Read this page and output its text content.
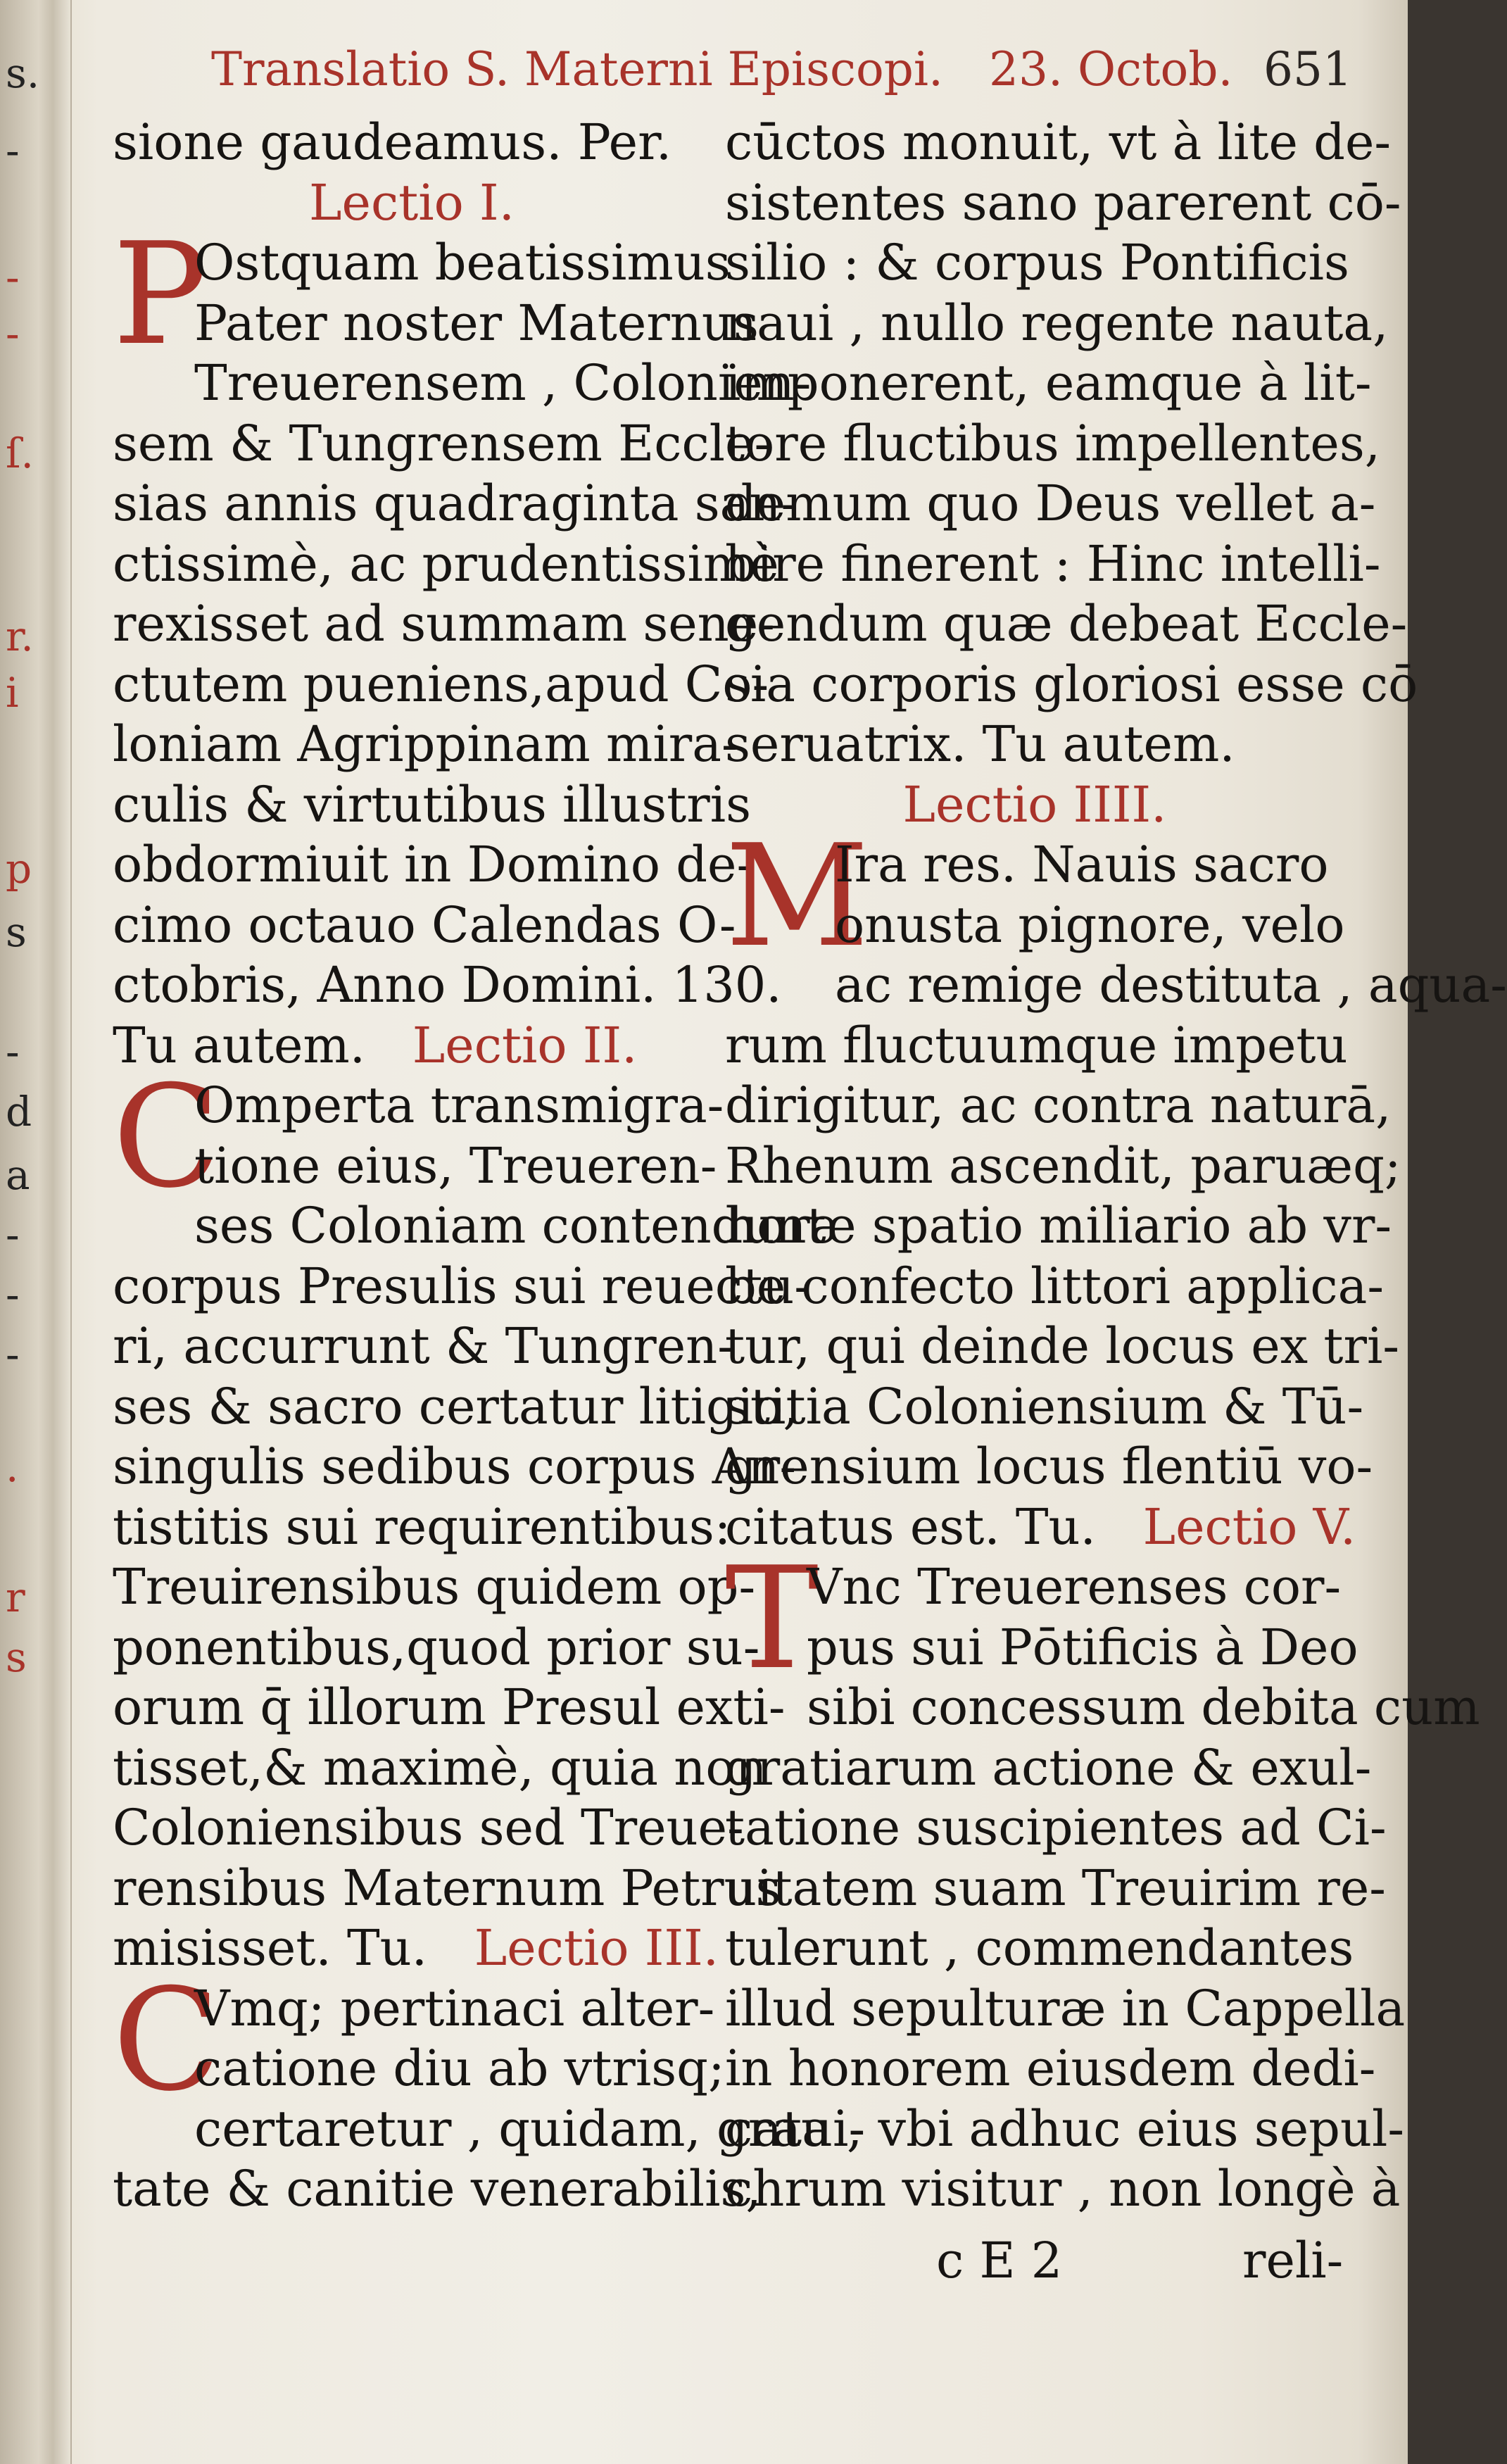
s.
-
-
-
ſ.
r.
i
p
s
-
d
a
-
-
-
.
r
s
Translatio S. Materni Episcopi. 23. Octob. 651
sione gaudeamus. Per.
Lectio I.
P
Ostquam beatissimus
Pater noster Maternus
Treuerensem , Colonien-
sem & Tungrensem Eccle-
sias annis quadraginta san-
ctissimè, ac prudentissimè
rexisset ad summam sene-
ctutem pueniens,apud Co-
loniam Agrippinam mira-
culis & virtutibus illustris
obdormiuit in Domino de-
cimo octauo Calendas O-
ctobris, Anno Domini. 130.
Tu autem. Lectio II.
C
Omperta transmigra-
tione eius, Treueren-
ses Coloniam contendunt
corpus Presulis sui reuectu-
ri, accurrunt & Tungren-
ses & sacro certatur litigio,
singulis sedibus corpus An-
tistitis sui requirentibus:
Treuirensibus quidem op-
ponentibus,quod prior su-
orum q̄ illorum Presul exti-
tisset,& maximè, quia non
Coloniensibus sed Treue-
rensibus Maternum Petrus
misisset. Tu. Lectio III.
C
Vmq; pertinaci alter-
catione diu ab vtrisq;
certaretur , quidam, graui-
tate & canitie venerabilis,
cūctos monuit, vt à lite de-
sistentes sano parerent cō-
silio : & corpus Pontificis
naui , nullo regente nauta,
imponerent, eamque à lit-
tore fluctibus impellentes,
demum quo Deus vellet a-
bire finerent : Hinc intelli-
gendum quæ debeat Eccle-
sia corporis gloriosi esse cō
seruatrix. Tu autem.
Lectio IIII.
M
Ira res. Nauis sacro
onusta pignore, velo
ac remige destituta , aqua-
rum fluctuumque impetu
dirigitur, ac contra naturā,
Rhenum ascendit, paruæq;
horæ spatio miliario ab vr-
be confecto littori applica-
tur, qui deinde locus ex tri-
stitia Coloniensium & Tū-
grensium locus flentiū vo-
citatus est. Tu. Lectio V.
T
Vnc Treuerenses cor-
pus sui Pōtificis à Deo
sibi concessum debita cum
gratiarum actione & exul-
tatione suscipientes ad Ci-
uitatem suam Treuirim re-
tulerunt , commendantes
illud sepulturæ in Cappella
in honorem eiusdem dedi-
cata , vbi adhuc eius sepul-
chrum visitur , non longè à
c E 2	reli-
